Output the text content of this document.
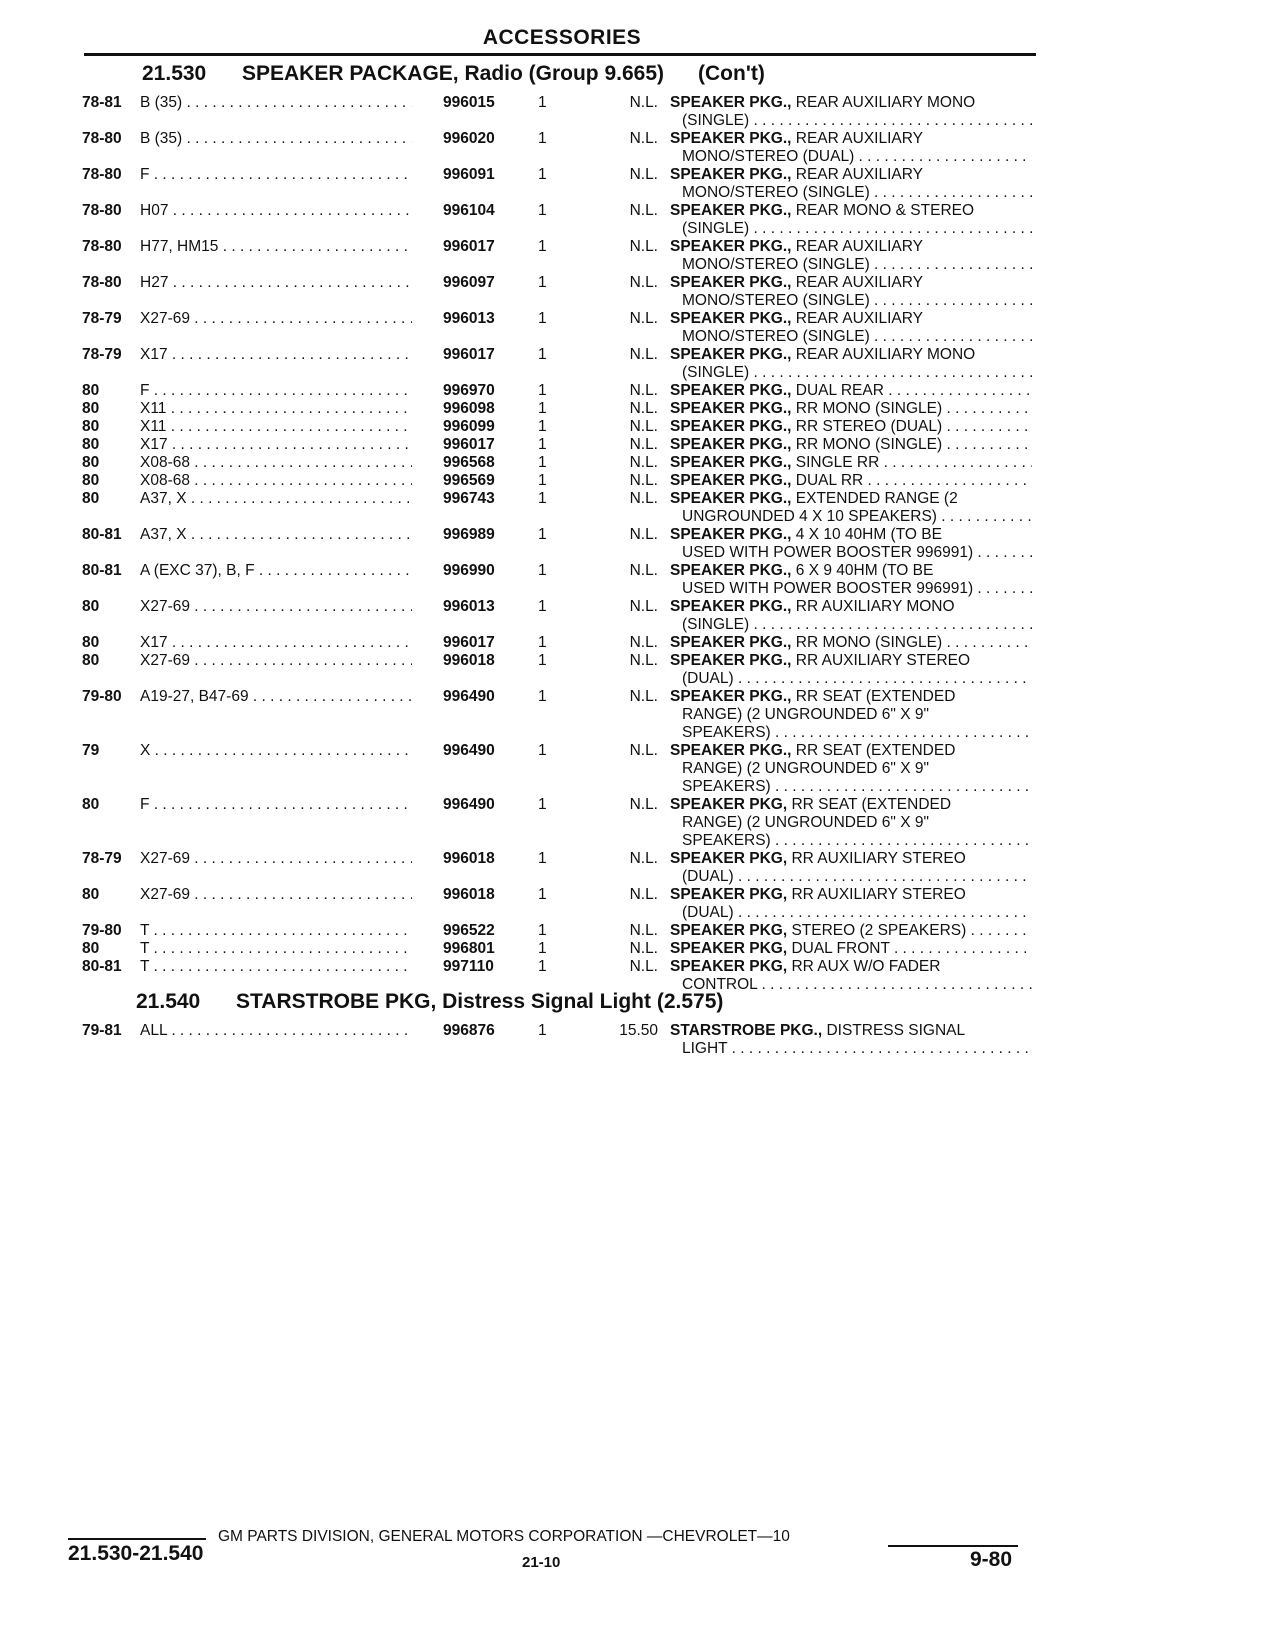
ACCESSORIES
21.530 SPEAKER PACKAGE, Radio (Group 9.665) (Con't)
78-81	B (35) . . .	996015	1	N.L. SPEAKER PKG., REAR AUXILIARY MONO
(SINGLE) . . .
78-80	B (35) . . .	996020	1	N.L. SPEAKER PKG., REAR AUXILIARY
MONO/STEREO (DUAL) . . .
78-80	F . . .	996091	1	N.L. SPEAKER PKG., REAR AUXILIARY
MONO/STEREO (SINGLE) . . .
78-80	H07 . . .	996104	1	N.L. SPEAKER PKG., REAR MONO & STEREO
(SINGLE) . . .
78-80	H77, HM15 . . .	996017	1	N.L. SPEAKER PKG., REAR AUXILIARY
MONO/STEREO (SINGLE) . . .
78-80	H27 . . .	996097	1	N.L. SPEAKER PKG., REAR AUXILIARY
MONO/STEREO (SINGLE) . . .
78-79	X27-69 . . .	996013	1	N.L. SPEAKER PKG., REAR AUXILIARY
MONO/STEREO (SINGLE) . . .
78-79	X17 . . .	996017	1	N.L. SPEAKER PKG., REAR AUXILIARY MONO
(SINGLE) . . .
80	F . . .	996970	1	N.L. SPEAKER PKG., DUAL REAR . . .
80	X11 . . .	996098	1	N.L. SPEAKER PKG., RR MONO (SINGLE) . . .
80	X11 . . .	996099	1	N.L. SPEAKER PKG., RR STEREO (DUAL) . . .
80	X17 . . .	996017	1	N.L. SPEAKER PKG., RR MONO (SINGLE) . . .
80	X08-68 . . .	996568	1	N.L. SPEAKER PKG., SINGLE RR . . .
80	X08-68 . . .	996569	1	N.L. SPEAKER PKG., DUAL RR . . .
80	A37, X . . .	996743	1	N.L. SPEAKER PKG., EXTENDED RANGE (2
UNGROUNDED 4 X 10 SPEAKERS) . . .
80-81	A37, X . . .	996989	1	N.L. SPEAKER PKG., 4 X 10 40HM (TO BE
USED WITH POWER BOOSTER 996991) . . .
80-81	A (EXC 37), B, F . . .	996990	1	N.L. SPEAKER PKG., 6 X 9 40HM (TO BE
USED WITH POWER BOOSTER 996991) . . .
80	X27-69 . . .	996013	1	N.L. SPEAKER PKG., RR AUXILIARY MONO
(SINGLE) . . .
80	X17 . . .	996017	1	N.L. SPEAKER PKG., RR MONO (SINGLE) . . .
80	X27-69 . . .	996018	1	N.L. SPEAKER PKG., RR AUXILIARY STEREO
(DUAL) . . .
79-80	A19-27, B47-69 . . .	996490	1	N.L. SPEAKER PKG., RR SEAT (EXTENDED
RANGE) (2 UNGROUNDED 6" X 9"
SPEAKERS) . . .
79	X . . .	996490	1	N.L. SPEAKER PKG., RR SEAT (EXTENDED
RANGE) (2 UNGROUNDED 6" X 9"
SPEAKERS) . . .
80	F . . .	996490	1	N.L. SPEAKER PKG, RR SEAT (EXTENDED
RANGE) (2 UNGROUNDED 6" X 9"
SPEAKERS) . . .
78-79	X27-69 . . .	996018	1	N.L. SPEAKER PKG, RR AUXILIARY STEREO
(DUAL) . . .
80	X27-69 . . .	996018	1	N.L. SPEAKER PKG, RR AUXILIARY STEREO
(DUAL) . . .
79-80	T . . .	996522	1	N.L. SPEAKER PKG, STEREO (2 SPEAKERS) . . .
80	T . . .	996801	1	N.L. SPEAKER PKG, DUAL FRONT . . .
80-81	T . . .	997110	1	N.L. SPEAKER PKG, RR AUX W/O FADER
CONTROL . . .
21.540 STARSTROBE PKG, Distress Signal Light (2.575)
79-81	ALL . . .	996876	1	15.50 STARSTROBE PKG., DISTRESS SIGNAL
LIGHT . . .
GM PARTS DIVISION, GENERAL MOTORS CORPORATION —CHEVROLET—10
21.530-21.540	21-10	9-80
